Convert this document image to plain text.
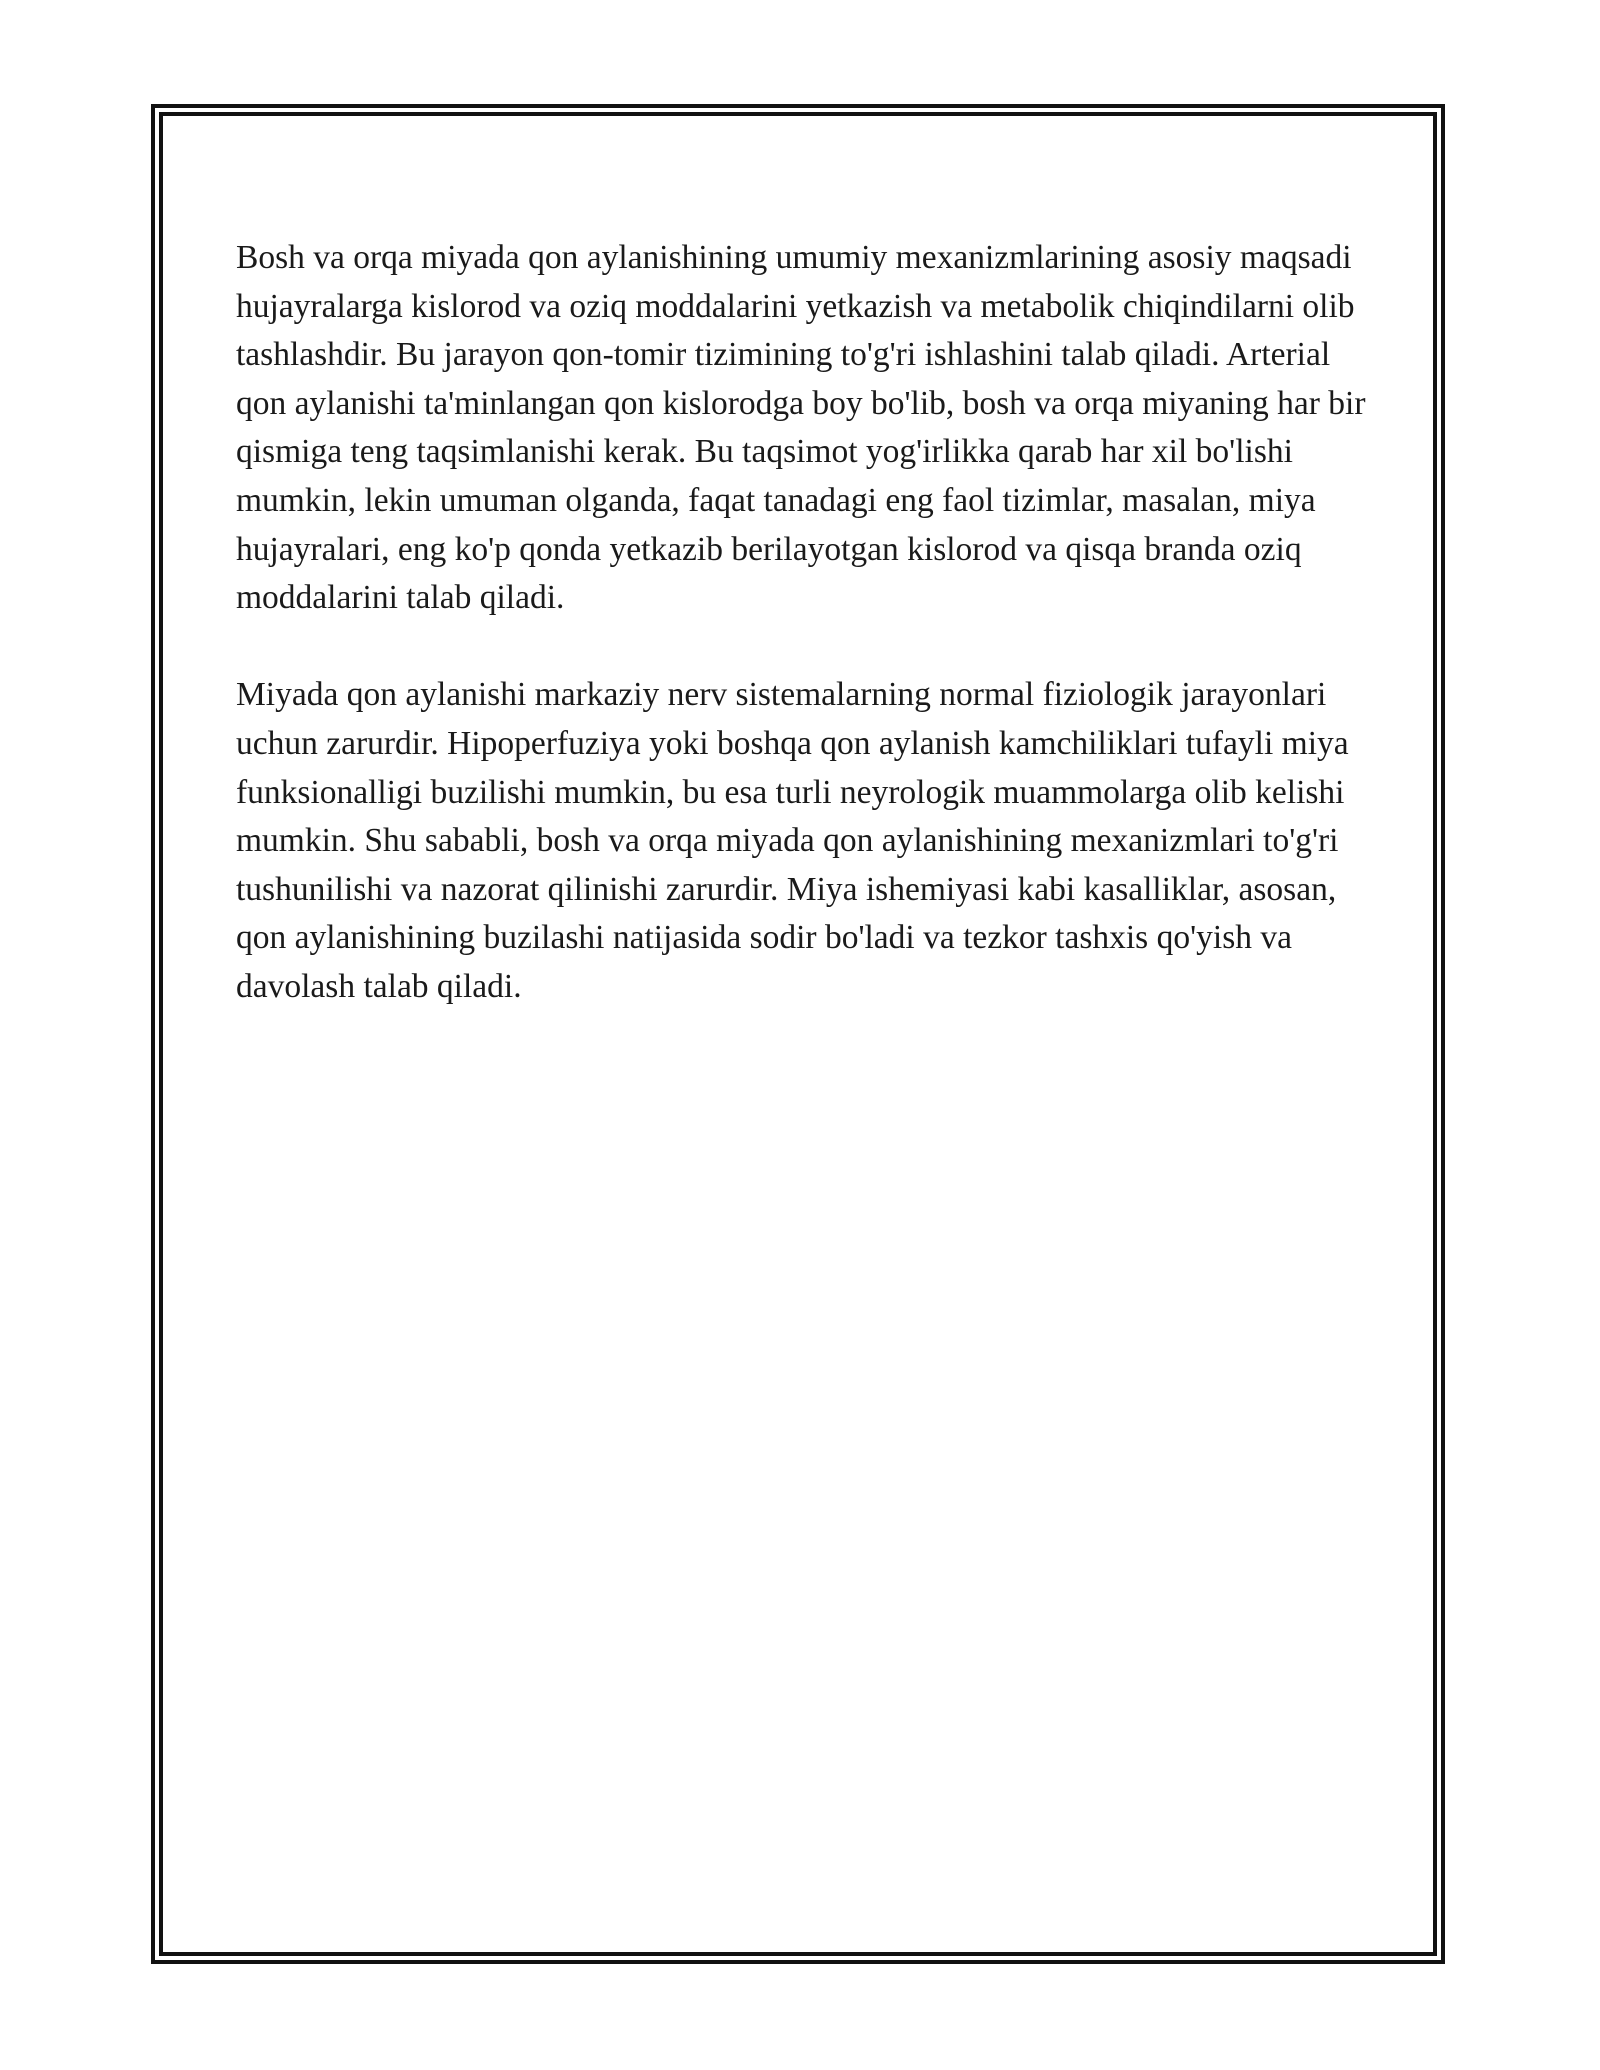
Bosh va orqa miyada qon aylanishining umumiy mexanizmlarining asosiy maqsadi hujayralarga kislorod va oziq moddalarini yetkazish va metabolik chiqindilarni olib tashlashdir. Bu jarayon qon-tomir tizimining to'g'ri ishlashini talab qiladi. Arterial qon aylanishi ta'minlangan qon kislorodga boy bo'lib, bosh va orqa miyaning har bir qismiga teng taqsimlanishi kerak. Bu taqsimot yog'irlikka qarab har xil bo'lishi mumkin, lekin umuman olganda, faqat tanadagi eng faol tizimlar, masalan, miya hujayralari, eng ko'p qonda yetkazib berilayotgan kislorod va qisqa branda oziq moddalarini talab qiladi.

Miyada qon aylanishi markaziy nerv sistemalarning normal fiziologik jarayonlari uchun zarurdir. Hipoperfuziya yoki boshqa qon aylanish kamchiliklari tufayli miya funksionalligi buzilishi mumkin, bu esa turli neyrologik muammolarga olib kelishi mumkin. Shu sababli, bosh va orqa miyada qon aylanishining mexanizmlari to'g'ri tushunilishi va nazorat qilinishi zarurdir. Miya ishemiyasi kabi kasalliklar, asosan, qon aylanishining buzilashi natijasida sodir bo'ladi va tezkor tashxis qo'yish va davolash talab qiladi.
